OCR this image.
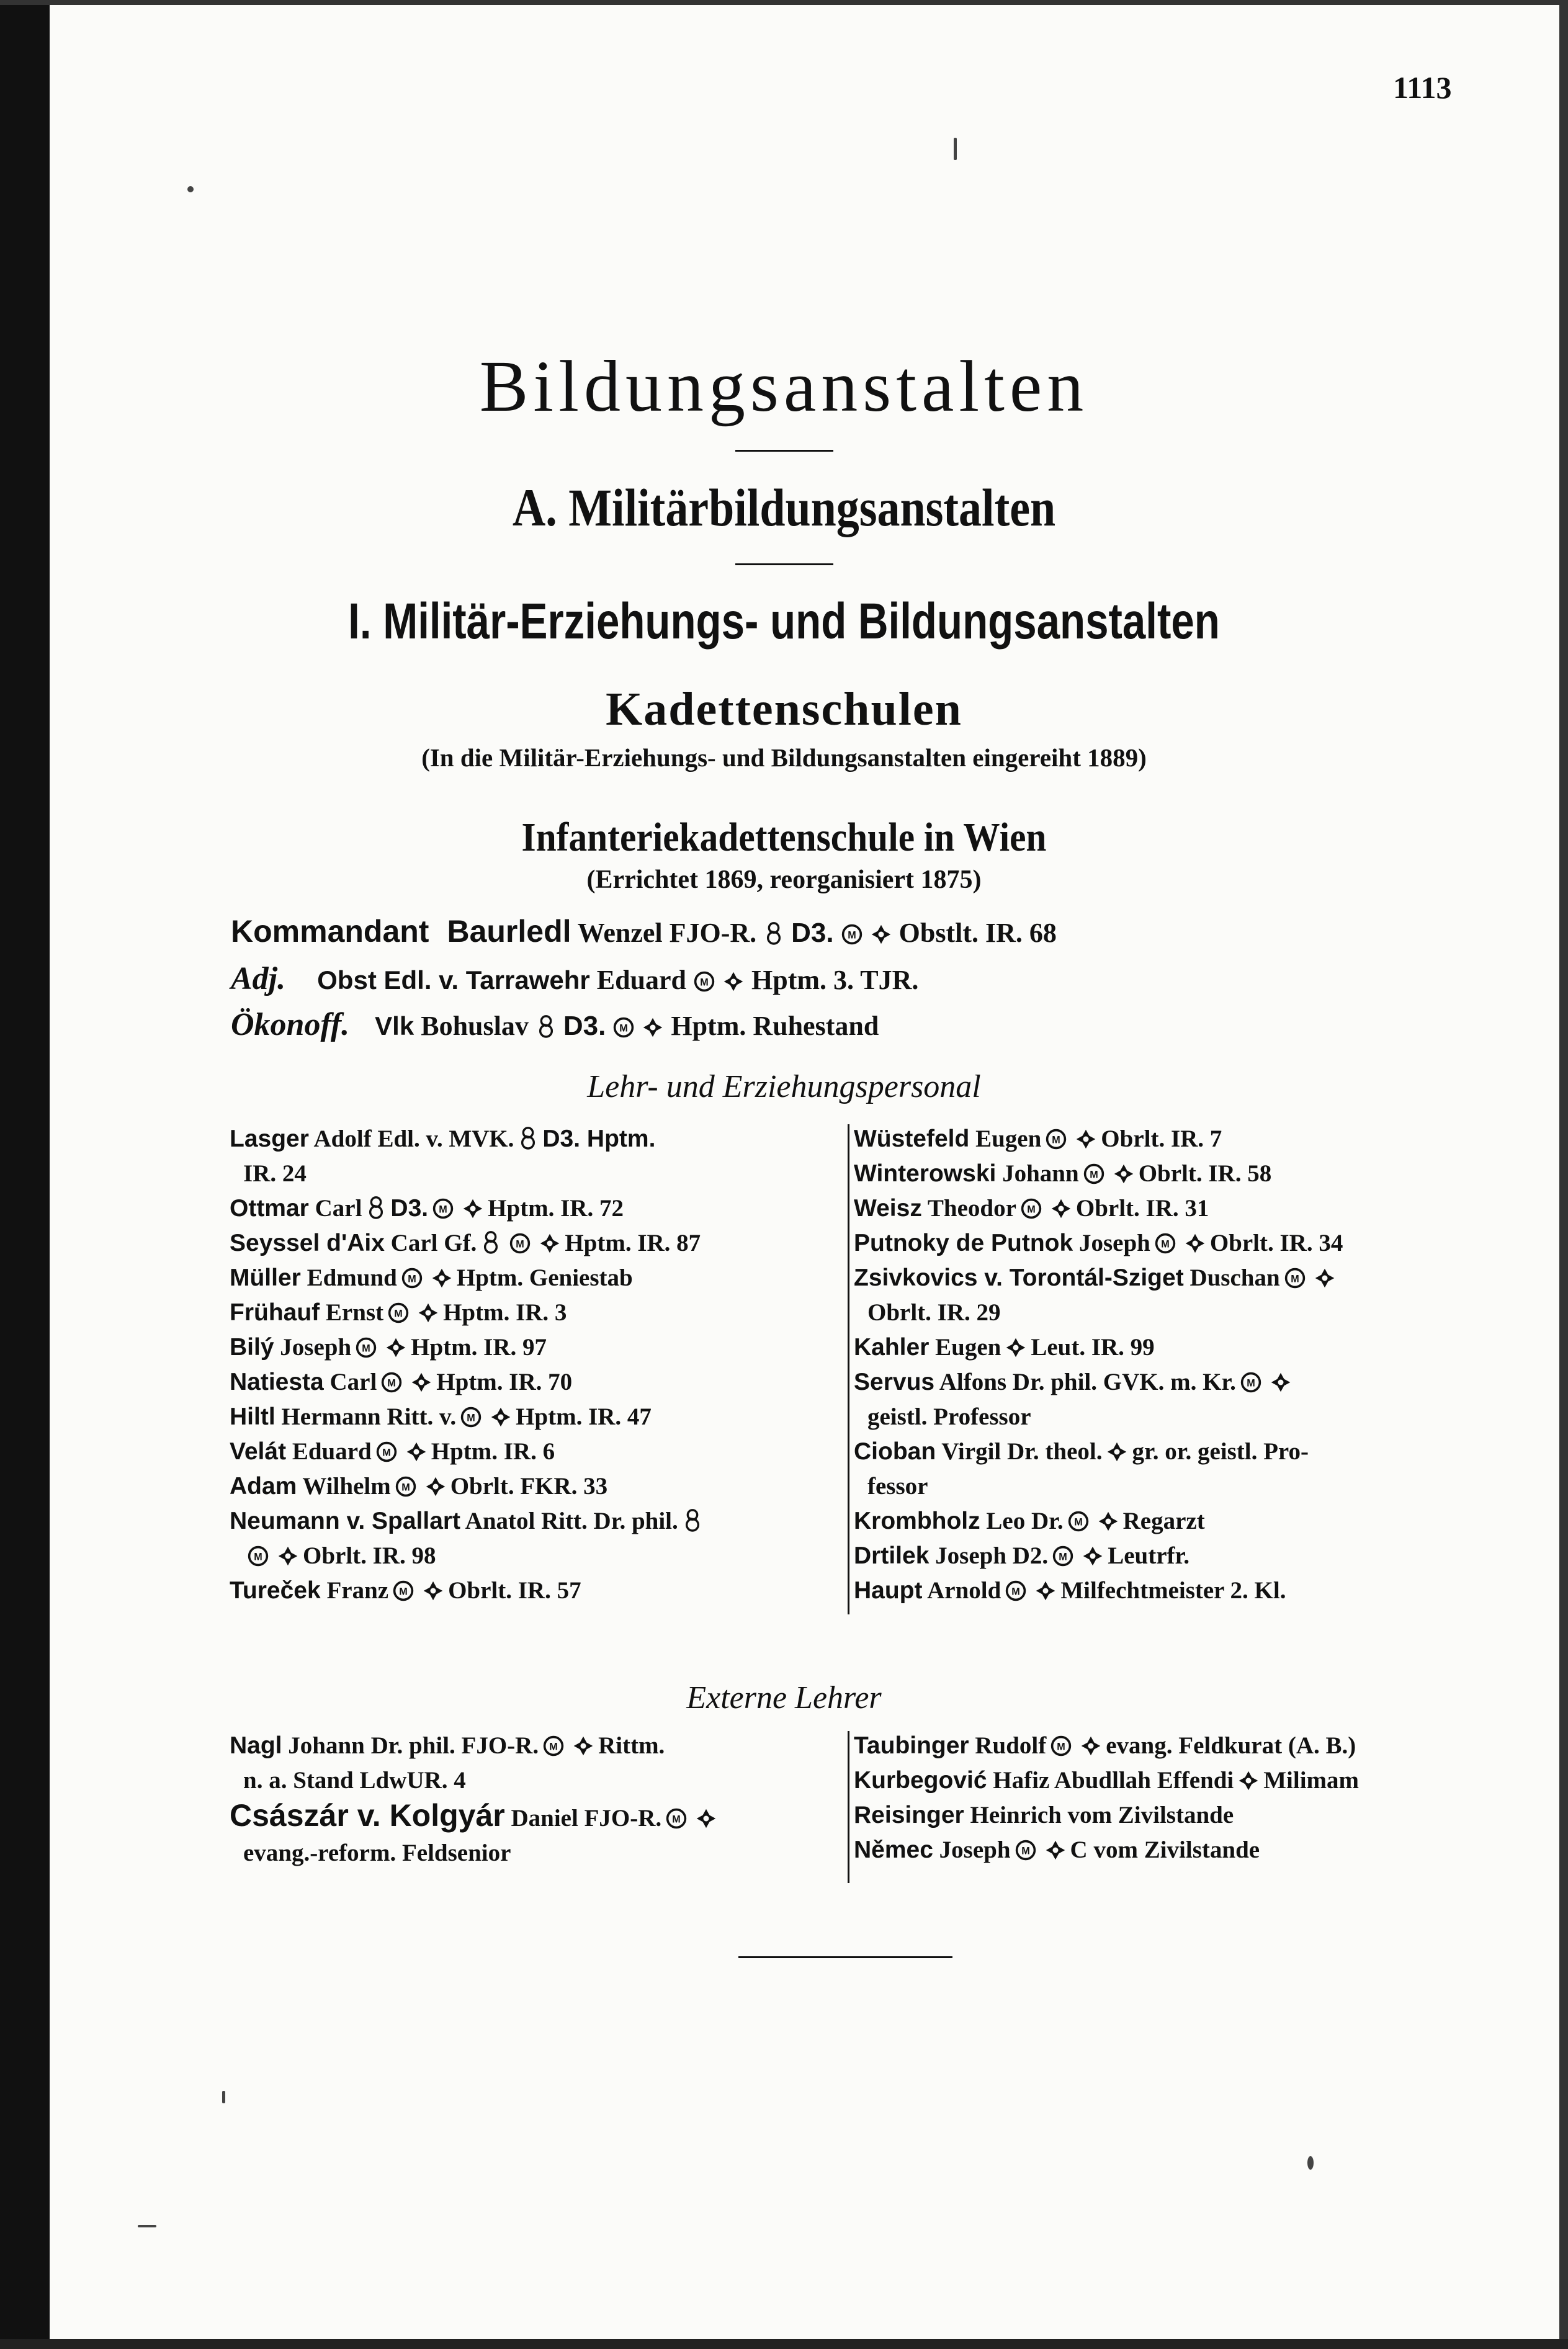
1113
Bildungsanstalten
A. Militärbildungsanstalten
I. Militär-Erziehungs- und Bildungsanstalten
Kadettenschulen
(In die Militär-Erziehungs- und Bildungsanstalten eingereiht 1889)
Infanteriekadettenschule in Wien
(Errichtet 1869, reorganisiert 1875)
Kommandant Baurledl Wenzel FJO-R. D3. M Obstlt. IR. 68
Adj. Obst Edl. v. Tarrawehr Eduard M Hptm. 3. TJR.
Ökonoff. Vlk Bohuslav D3. M Hptm. Ruhestand
Lehr- und Erziehungspersonal
Lasger Adolf Edl. v. MVK. D3. Hptm.
IR. 24
Ottmar Carl D3. M Hptm. IR. 72
Seyssel d'Aix Carl Gf.	M Hptm. IR. 87
Müller Edmund M Hptm. Geniestab
Frühauf Ernst M Hptm. IR. 3
Bilý Joseph M Hptm. IR. 97
Natiesta Carl M Hptm. IR. 70
Hiltl Hermann Ritt. v. M Hptm. IR. 47
Velát Eduard M Hptm. IR. 6
Adam Wilhelm M Obrlt. FKR. 33
Neumann v. Spallart Anatol Ritt. Dr. phil.
M Obrlt. IR. 98
Tureček Franz M Obrlt. IR. 57
Wüstefeld Eugen M Obrlt. IR. 7
Winterowski Johann M Obrlt. IR. 58
Weisz Theodor M Obrlt. IR. 31
Putnoky de Putnok Joseph M Obrlt. IR. 34
Zsivkovics v. Torontál-Sziget Duschan M
Obrlt. IR. 29
Kahler Eugen Leut. IR. 99
Servus Alfons Dr. phil. GVK. m. Kr. M
geistl. Professor
Cioban Virgil Dr. theol. gr. or. geistl. Pro-
fessor
Krombholz Leo Dr. M Regarzt
Drtilek Joseph D2. M Leutrfr.
Haupt Arnold M Milfechtmeister 2. Kl.
Externe Lehrer
Nagl Johann Dr. phil. FJO-R. M Rittm.
n. a. Stand LdwUR. 4
Császár v. Kolgyár Daniel FJO-R. M
evang.-reform. Feldsenior
Taubinger Rudolf M evang. Feldkurat (A. B.)
Kurbegović Hafiz Abudllah Effendi Milimam
Reisinger Heinrich vom Zivilstande
Němec Joseph M C vom Zivilstande
